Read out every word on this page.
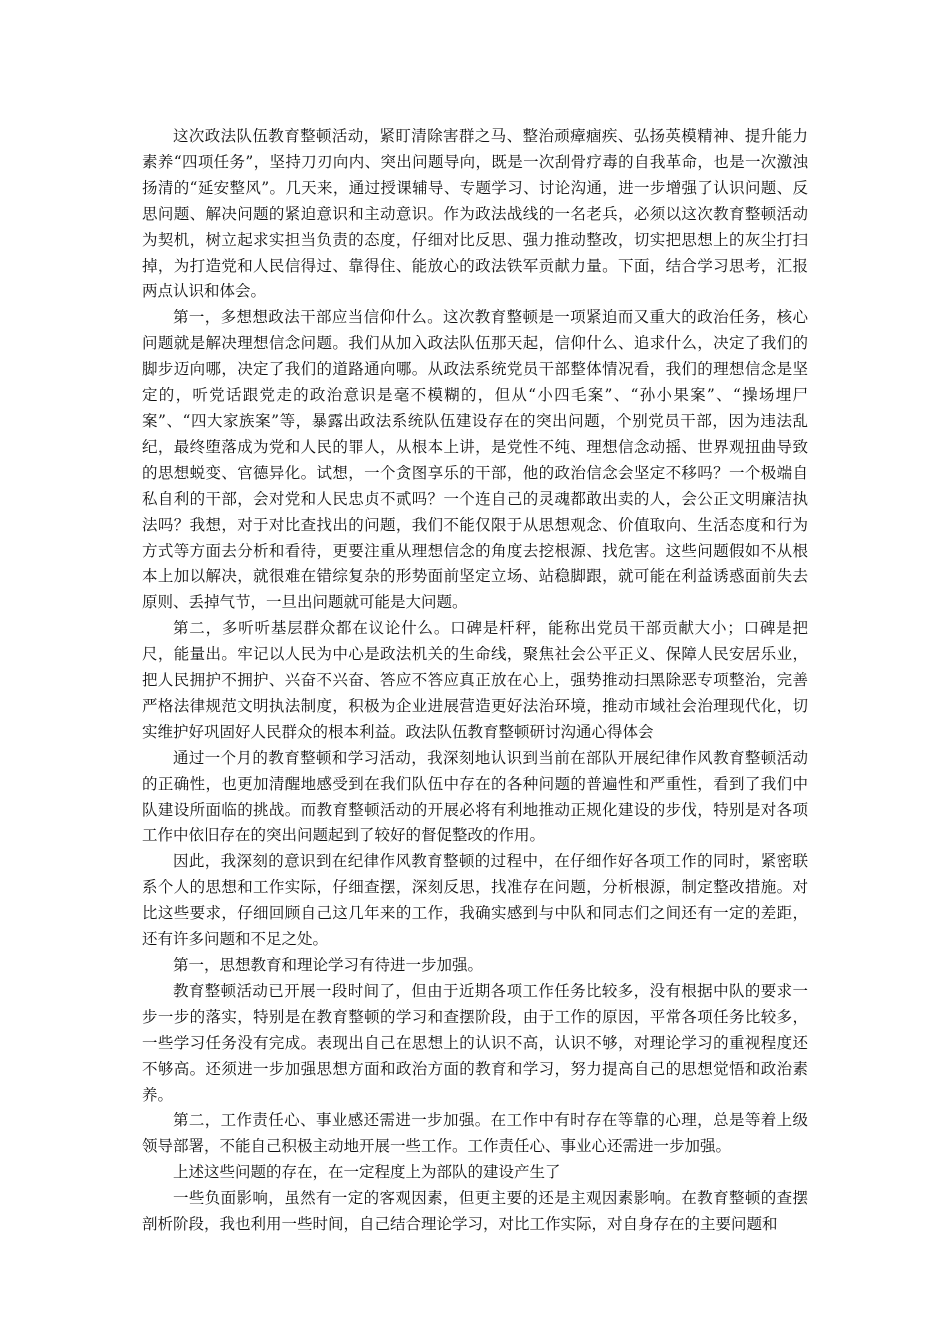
这次政法队伍教育整顿活动，紧盯清除害群之马、整治顽瘴痼疾、弘扬英模精神、提升能力素养“四项任务”，坚持刀刃向内、突出问题导向，既是一次刮骨疗毒的自我革命，也是一次激浊扬清的“延安整风”。几天来，通过授课辅导、专题学习、讨论沟通，进一步增强了认识问题、反思问题、解决问题的紧迫意识和主动意识。作为政法战线的一名老兵，必须以这次教育整顿活动为契机，树立起求实担当负责的态度，仔细对比反思、强力推动整改，切实把思想上的灰尘打扫掉，为打造党和人民信得过、靠得住、能放心的政法铁军贡献力量。下面，结合学习思考，汇报两点认识和体会。

第一，多想想政法干部应当信仰什么。这次教育整顿是一项紧迫而又重大的政治任务，核心问题就是解决理想信念问题。我们从加入政法队伍那天起，信仰什么、追求什么，决定了我们的脚步迈向哪，决定了我们的道路通向哪。从政法系统党员干部整体情况看，我们的理想信念是坚定的，听党话跟党走的政治意识是毫不模糊的，但从“小四毛案”、“孙小果案”、“操场埋尸案”、“四大家族案”等，暴露出政法系统队伍建设存在的突出问题，个别党员干部，因为违法乱纪，最终堕落成为党和人民的罪人，从根本上讲，是党性不纯、理想信念动摇、世界观扭曲导致的思想蜕变、官德异化。试想，一个贪图享乐的干部，他的政治信念会坚定不移吗？一个极端自私自利的干部，会对党和人民忠贞不贰吗？一个连自己的灵魂都敢出卖的人，会公正文明廉洁执法吗？我想，对于对比查找出的问题，我们不能仅限于从思想观念、价值取向、生活态度和行为方式等方面去分析和看待，更要注重从理想信念的角度去挖根源、找危害。这些问题假如不从根本上加以解决，就很难在错综复杂的形势面前坚定立场、站稳脚跟，就可能在利益诱惑面前失去原则、丢掉气节，一旦出问题就可能是大问题。

第二，多听听基层群众都在议论什么。口碑是杆秤，能称出党员干部贡献大小；口碑是把尺，能量出。牢记以人民为中心是政法机关的生命线，聚焦社会公平正义、保障人民安居乐业，把人民拥护不拥护、兴奋不兴奋、答应不答应真正放在心上，强势推动扫黑除恶专项整治，完善严格法律规范文明执法制度，积极为企业进展营造更好法治环境，推动市域社会治理现代化，切实维护好巩固好人民群众的根本利益。政法队伍教育整顿研讨沟通心得体会

通过一个月的教育整顿和学习活动，我深刻地认识到当前在部队开展纪律作风教育整顿活动的正确性，也更加清醒地感受到在我们队伍中存在的各种问题的普遍性和严重性，看到了我们中队建设所面临的挑战。而教育整顿活动的开展必将有利地推动正规化建设的步伐，特别是对各项工作中依旧存在的突出问题起到了较好的督促整改的作用。

因此，我深刻的意识到在纪律作风教育整顿的过程中，在仔细作好各项工作的同时，紧密联系个人的思想和工作实际，仔细查摆，深刻反思，找准存在问题，分析根源，制定整改措施。对比这些要求，仔细回顾自己这几年来的工作，我确实感到与中队和同志们之间还有一定的差距，还有许多问题和不足之处。

第一，思想教育和理论学习有待进一步加强。

教育整顿活动已开展一段时间了，但由于近期各项工作任务比较多，没有根据中队的要求一步一步的落实，特别是在教育整顿的学习和查摆阶段，由于工作的原因，平常各项任务比较多，一些学习任务没有完成。表现出自己在思想上的认识不高，认识不够，对理论学习的重视程度还不够高。还须进一步加强思想方面和政治方面的教育和学习，努力提高自己的思想觉悟和政治素养。

第二，工作责任心、事业感还需进一步加强。在工作中有时存在等靠的心理，总是等着上级领导部署，不能自己积极主动地开展一些工作。工作责任心、事业心还需进一步加强。

上述这些问题的存在，在一定程度上为部队的建设产生了

一些负面影响，虽然有一定的客观因素，但更主要的还是主观因素影响。在教育整顿的查摆剖析阶段，我也利用一些时间，自己结合理论学习，对比工作实际，对自身存在的主要问题和
